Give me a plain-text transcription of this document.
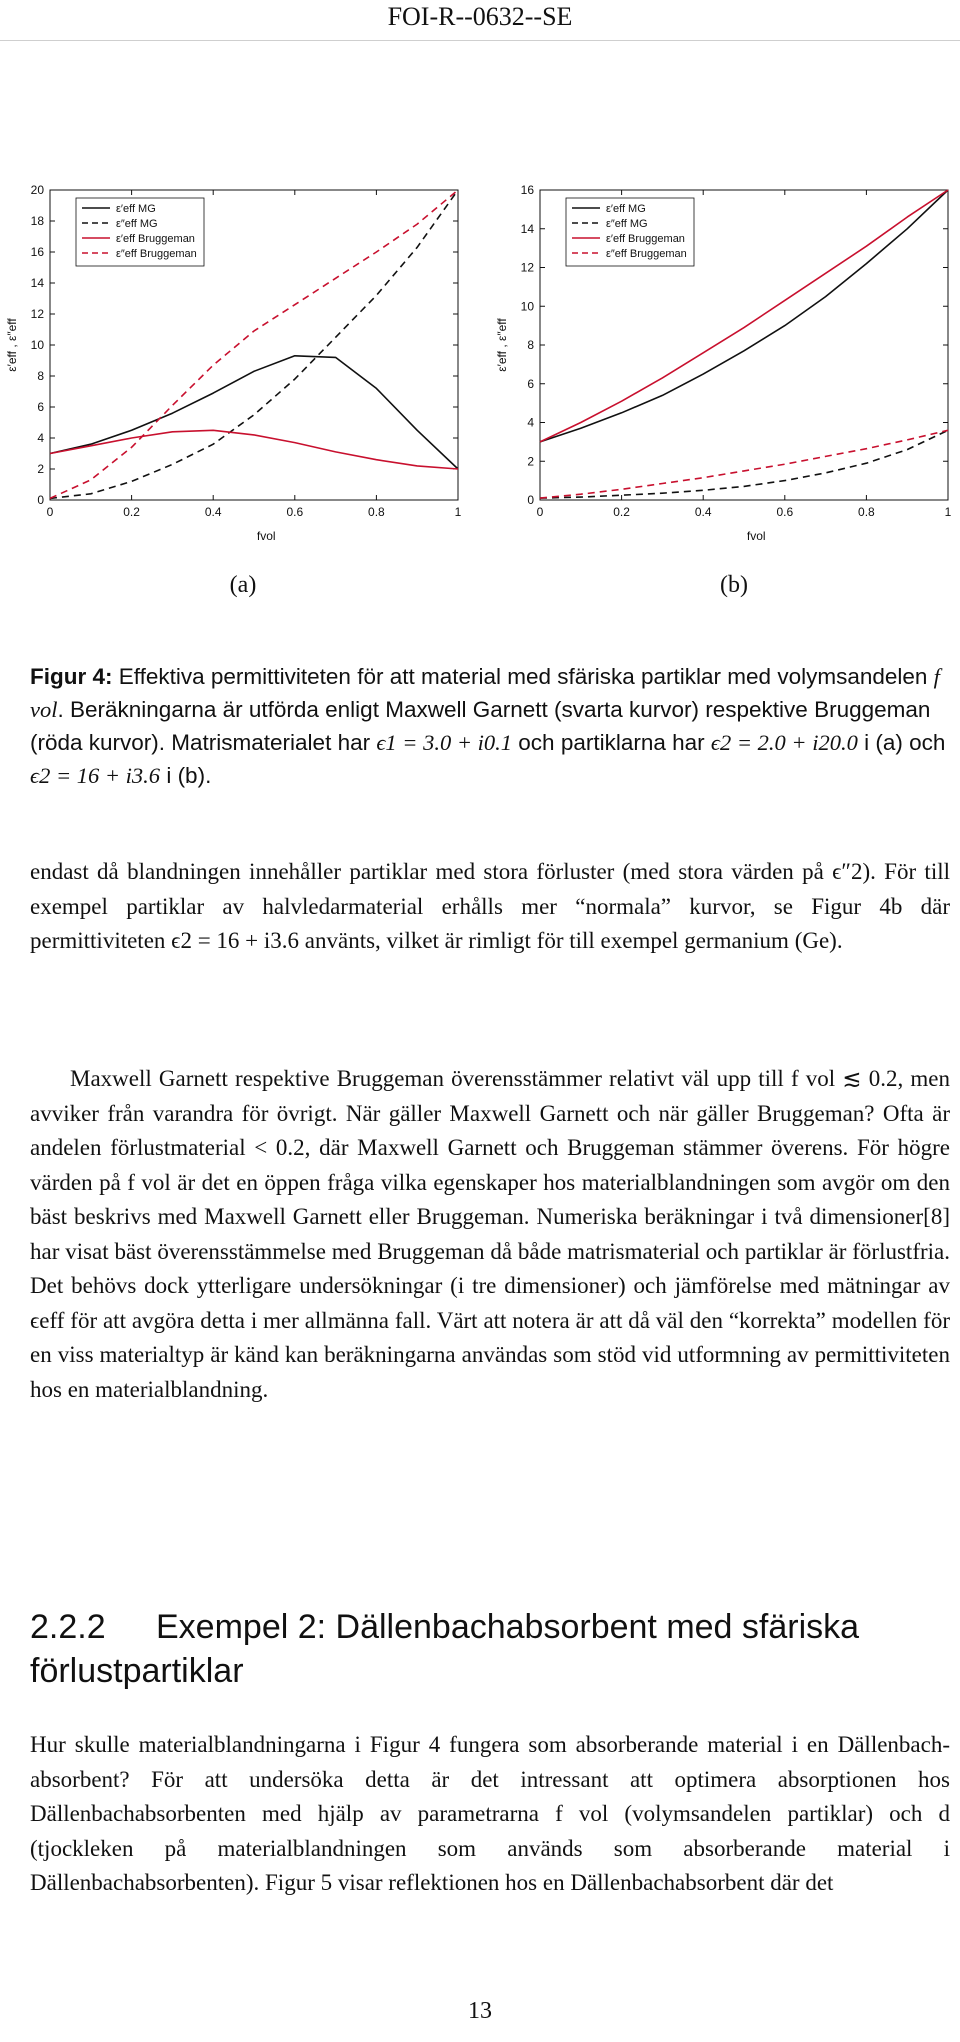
FOI-R--0632--SE
0	0.2	0.4	0.6	0.8	1
0
2
4
6
8
10
12
14
16
18
20
fvol
ε′eff , ε″eff
ε′eff MG
ε″eff MG
ε′eff Bruggeman
ε″eff Bruggeman
0	0.2	0.4	0.6	0.8	1
0
2
4
6
8
10
12
14
16
fvol
ε′eff , ε″eff
ε′eff MG
ε″eff MG
ε′eff Bruggeman
ε″eff Bruggeman
(a)	(b)
Figur 4: Effektiva permittiviteten för att material med sfäriska partiklar med volymsandelen f vol. Beräkningarna är utförda enligt Maxwell Garnett (svarta kurvor) respektive Bruggeman (röda kurvor). Matrismaterialet har ϵ1 = 3.0 + i0.1 och partiklarna har ϵ2 = 2.0 + i20.0 i (a) och ϵ2 = 16 + i3.6 i (b).
endast då blandningen innehåller partiklar med stora förluster (med stora värden på ϵ″2). För till exempel partiklar av halvledarmaterial erhålls mer “normala” kurvor, se Figur 4b där permittiviteten ϵ2 = 16 + i3.6 använts, vilket är rimligt för till exempel germanium (Ge).
Maxwell Garnett respektive Bruggeman överensstämmer relativt väl upp till f vol ≲ 0.2, men avviker från varandra för övrigt. När gäller Maxwell Garnett och när gäller Bruggeman? Ofta är andelen förlustmaterial < 0.2, där Maxwell Garnett och Bruggeman stämmer överens. För högre värden på f vol är det en öppen fråga vilka egenskaper hos materialblandningen som avgör om den bäst beskrivs med Maxwell Garnett eller Bruggeman. Numeriska beräkningar i två dimensioner[8] har visat bäst överensstämmelse med Bruggeman då både matrismaterial och partiklar är förlustfria. Det behövs dock ytterligare undersökningar (i tre dimensioner) och jämförelse med mätningar av ϵeff för att avgöra detta i mer allmänna fall. Värt att notera är att då väl den “korrekta” modellen för en viss materialtyp är känd kan beräkningarna användas som stöd vid utformning av permittiviteten hos en materialblandning.
2.2.2 Exempel 2: Dällenbachabsorbent med sfäriska förlustpartiklar
Hur skulle materialblandningarna i Figur 4 fungera som absorberande material i en Dällenbach-absorbent? För att undersöka detta är det intressant att optimera absorptionen hos Dällenbachabsorbenten med hjälp av parametrarna f vol (volymsandelen partiklar) och d (tjockleken på materialblandningen som används som absorberande material i Dällenbachabsorbenten). Figur 5 visar reflektionen hos en Dällenbachabsorbent där det
13
